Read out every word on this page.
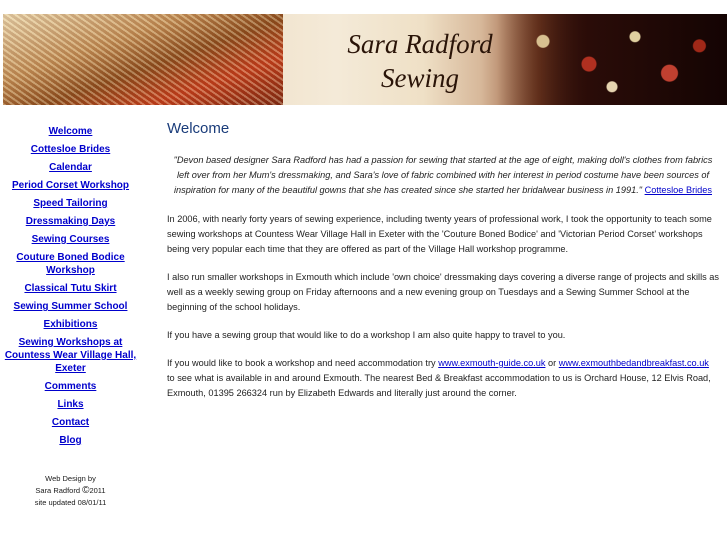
Sara Radford
Sewing
Welcome
Cottesloe Brides
Calendar
Period Corset Workshop
Speed Tailoring
Dressmaking Days
Sewing Courses
Couture Boned Bodice Workshop
Classical Tutu Skirt
Sewing Summer School
Exhibitions
Sewing Workshops at Countess Wear Village Hall, Exeter
Comments
Links
Contact
Blog
Web Design by
Sara Radford ©2011
site updated 08/01/11
Welcome

"Devon based designer Sara Radford has had a passion for sewing that started at the age of eight, making doll's clothes from fabrics left over from her Mum's dressmaking, and Sara's love of fabric combined with her interest in period costume have been sources of inspiration for many of the beautiful gowns that she has created since she started her bridalwear business in 1991." Cottesloe Brides

In 2006, with nearly forty years of sewing experience, including twenty years of professional work, I took the opportunity to teach some sewing workshops at Countess Wear Village Hall in Exeter with the 'Couture Boned Bodice' and 'Victorian Period Corset' workshops being very popular each time that they are offered as part of the Village Hall workshop programme.

I also run smaller workshops in Exmouth which include 'own choice' dressmaking days covering a diverse range of projects and skills as well as a weekly sewing group on Friday afternoons and a new evening group on Tuesdays and a Sewing Summer School at the beginning of the school holidays.

If you have a sewing group that would like to do a workshop I am also quite happy to travel to you.

If you would like to book a workshop and need accommodation try www.exmouth-guide.co.uk or www.exmouthbedandbreakfast.co.uk to see what is available in and around Exmouth. The nearest Bed & Breakfast accommodation to us is Orchard House, 12 Elvis Road, Exmouth, 01395 266324 run by Elizabeth Edwards and literally just around the corner.
